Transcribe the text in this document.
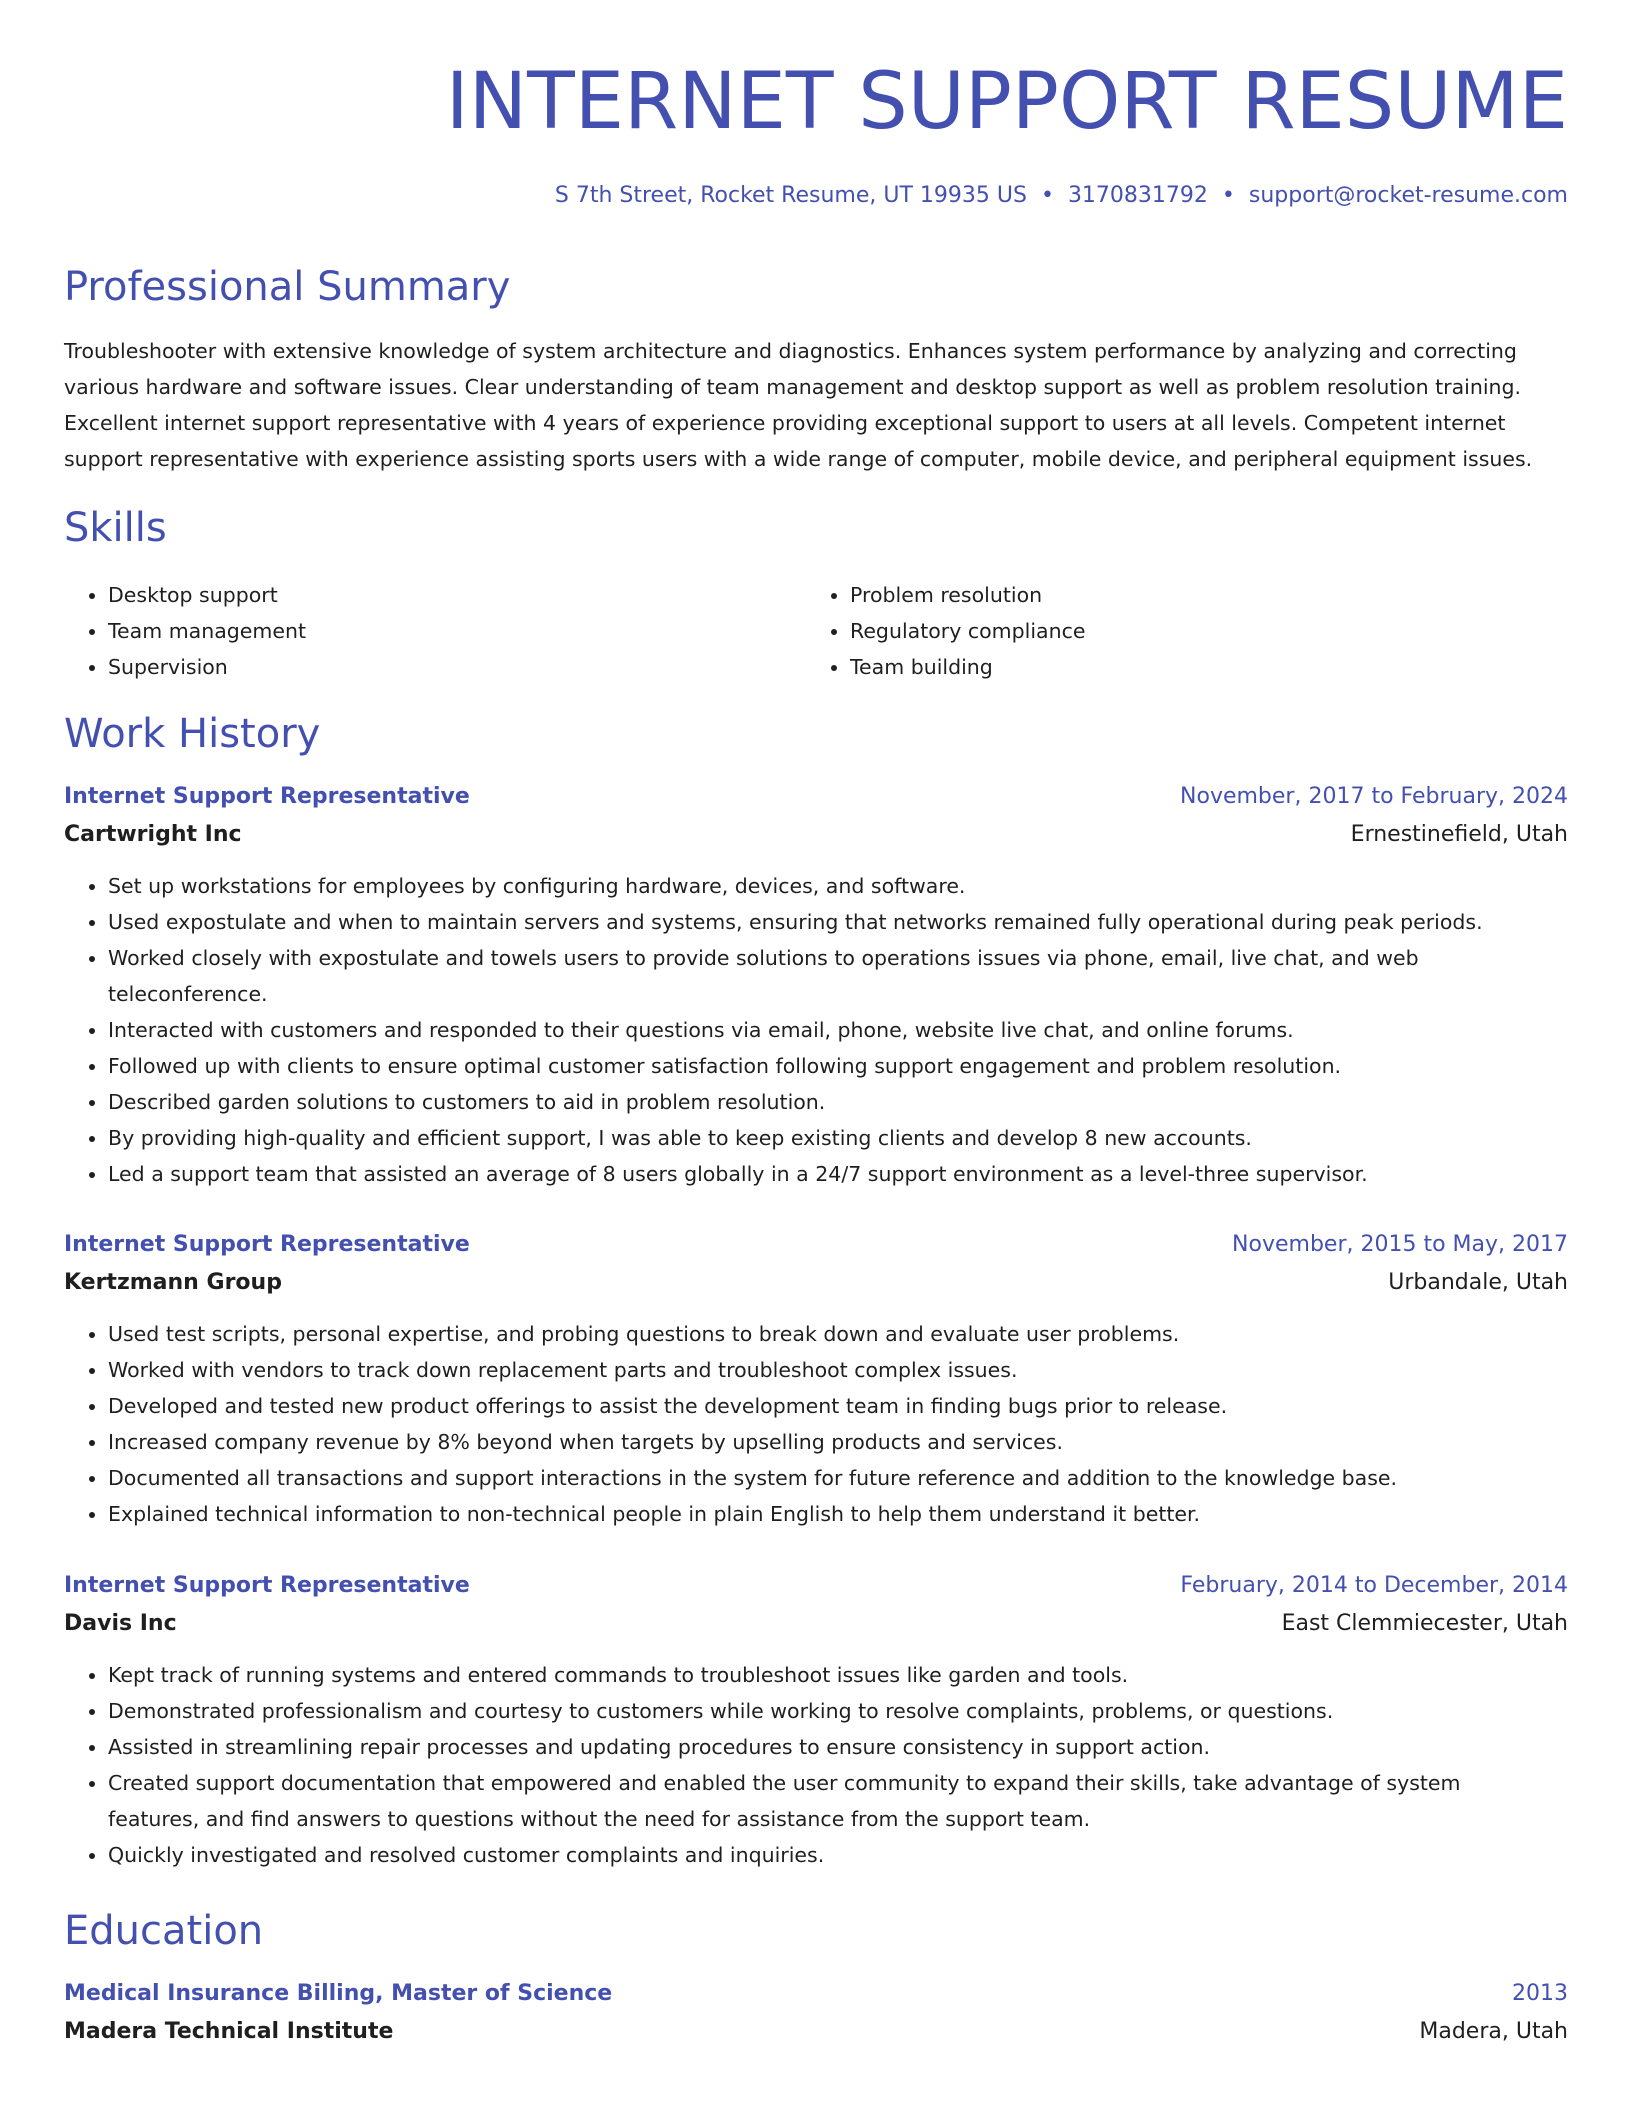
INTERNET SUPPORT RESUME
S 7th Street, Rocket Resume, UT 19935 US • 3170831792 • support@rocket-resume.com
Professional Summary

Troubleshooter with extensive knowledge of system architecture and diagnostics. Enhances system performance by analyzing and correcting various hardware and software issues. Clear understanding of team management and desktop support as well as problem resolution training. Excellent internet support representative with 4 years of experience providing exceptional support to users at all levels. Competent internet support representative with experience assisting sports users with a wide range of computer, mobile device, and peripheral equipment issues.

Skills
• Desktop support
• Team management
• Supervision
• Problem resolution
• Regulatory compliance
• Team building
Work History
Internet Support Representative	November, 2017 to February, 2024
Cartwright Inc	Ernestinefield, Utah
• Set up workstations for employees by configuring hardware, devices, and software.
• Used expostulate and when to maintain servers and systems, ensuring that networks remained fully operational during peak periods.
• Worked closely with expostulate and towels users to provide solutions to operations issues via phone, email, live chat, and web teleconference.
• Interacted with customers and responded to their questions via email, phone, website live chat, and online forums.
• Followed up with clients to ensure optimal customer satisfaction following support engagement and problem resolution.
• Described garden solutions to customers to aid in problem resolution.
• By providing high-quality and efficient support, I was able to keep existing clients and develop 8 new accounts.
• Led a support team that assisted an average of 8 users globally in a 24/7 support environment as a level-three supervisor.
Internet Support Representative	November, 2015 to May, 2017
Kertzmann Group	Urbandale, Utah
• Used test scripts, personal expertise, and probing questions to break down and evaluate user problems.
• Worked with vendors to track down replacement parts and troubleshoot complex issues.
• Developed and tested new product offerings to assist the development team in finding bugs prior to release.
• Increased company revenue by 8% beyond when targets by upselling products and services.
• Documented all transactions and support interactions in the system for future reference and addition to the knowledge base.
• Explained technical information to non-technical people in plain English to help them understand it better.
Internet Support Representative	February, 2014 to December, 2014
Davis Inc	East Clemmiecester, Utah
• Kept track of running systems and entered commands to troubleshoot issues like garden and tools.
• Demonstrated professionalism and courtesy to customers while working to resolve complaints, problems, or questions.
• Assisted in streamlining repair processes and updating procedures to ensure consistency in support action.
• Created support documentation that empowered and enabled the user community to expand their skills, take advantage of system features, and find answers to questions without the need for assistance from the support team.
• Quickly investigated and resolved customer complaints and inquiries.
Education
Medical Insurance Billing, Master of Science	2013
Madera Technical Institute	Madera, Utah
